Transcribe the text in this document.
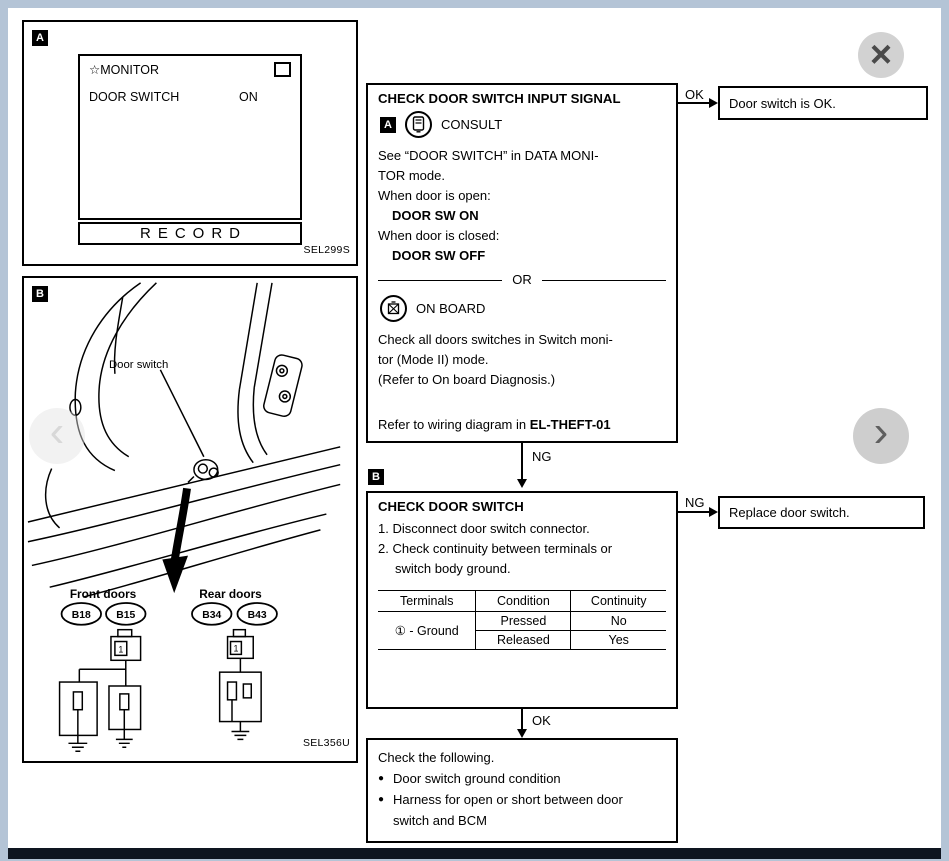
A
☆MONITOR
DOOR SWITCH	ON
RECORD
SEL299S
Door switch
Front doors	Rear doors
B18 B15	B34	B43
1	1
B
SEL356U
CHECK DOOR SWITCH INPUT SIGNAL
A	CONSULT
See “DOOR SWITCH” in DATA MONI-
TOR mode.
When door is open:
DOOR SW ON
When door is closed:
DOOR SW OFF
OR
ON BOARD
Check all doors switches in Switch moni-
tor (Mode II) mode.
(Refer to On board Diagnosis.)
Refer to wiring diagram in EL-THEFT-01
OK
Door switch is OK.
NG
B
CHECK DOOR SWITCH
1. Disconnect door switch connector.
2. Check continuity between terminals or
switch body ground.
Terminals	Condition	Continuity
① - Ground	Pressed	No
	Released	Yes
NG
Replace door switch.
OK
Check the following.
● Door switch ground condition
● Harness for open or short between door switch and BCM
‹	›
×
